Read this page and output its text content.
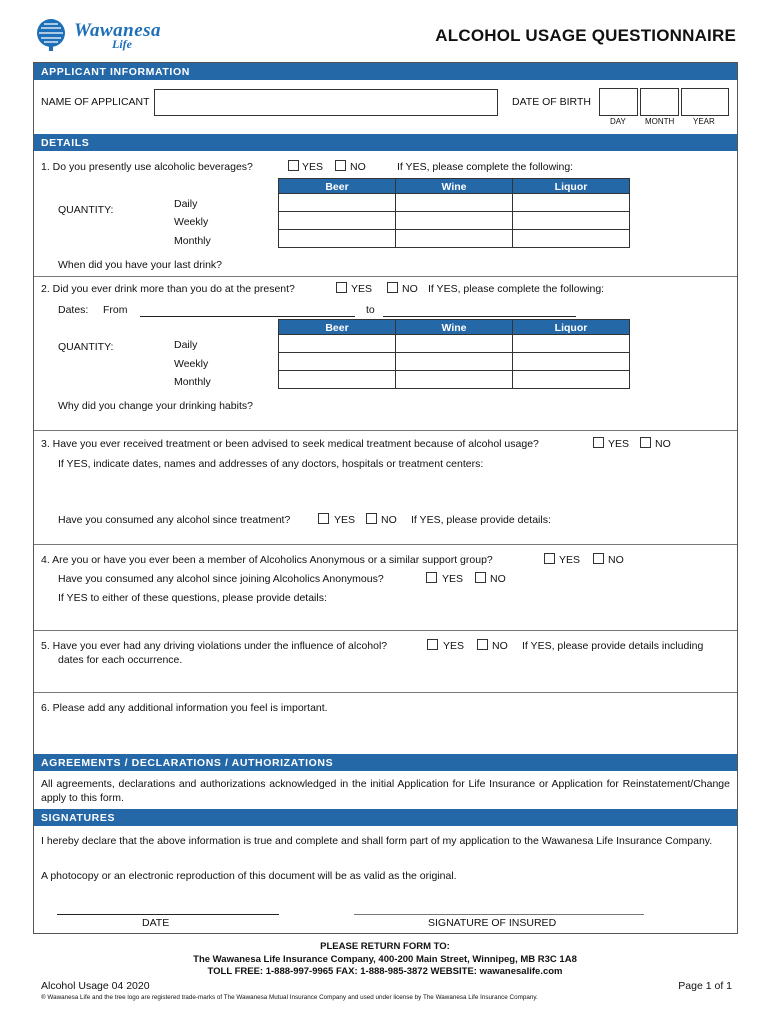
Wawanesa
Life	ALCOHOL USAGE QUESTIONNAIRE
APPLICANT INFORMATION
NAME OF APPLICANT	DATE OF BIRTH
DAY MONTH YEAR
DETAILS
1. Do you presently use alcoholic beverages?	YES	NO	If YES, please complete the following:
Beer	Wine	Liquor

QUANTITY:	Daily
Weekly
Monthly
When did you have your last drink?
2. Did you ever drink more than you do at the present?	YES	NO If YES, please complete the following:
Dates: From	to
Beer	Wine	Liquor

QUANTITY:	Daily
Weekly
Monthly
Why did you change your drinking habits?
3. Have you ever received treatment or been advised to seek medical treatment because of alcohol usage?	YES NO
If YES, indicate dates, names and addresses of any doctors, hospitals or treatment centers:
Have you consumed any alcohol since treatment?	YES NO If YES, please provide details:
4. Are you or have you ever been a member of Alcoholics Anonymous or a similar support group?	YES	NO
Have you consumed any alcohol since joining Alcoholics Anonymous?	YES	NO
If YES to either of these questions, please provide details:
5. Have you ever had any driving violations under the influence of alcohol?	YES	NO If YES, please provide details including
dates for each occurrence.
6. Please add any additional information you feel is important.
AGREEMENTS / DECLARATIONS / AUTHORIZATIONS
All agreements, declarations and authorizations acknowledged in the initial Application for Life Insurance or Application for Reinstatement/Change apply to this form.
SIGNATURES
I hereby declare that the above information is true and complete and shall form part of my application to the Wawanesa Life Insurance Company.
A photocopy or an electronic reproduction of this document will be as valid as the original.
DATE	SIGNATURE OF INSURED
PLEASE RETURN FORM TO:
The Wawanesa Life Insurance Company, 400-200 Main Street, Winnipeg, MB R3C 1A8
TOLL FREE: 1-888-997-9965 FAX: 1-888-985-3872 WEBSITE: wawanesalife.com
Alcohol Usage 04 2020	Page 1 of 1
® Wawanesa Life and the tree logo are registered trade-marks of The Wawanesa Mutual Insurance Company and used under license by The Wawanesa Life Insurance Company.
